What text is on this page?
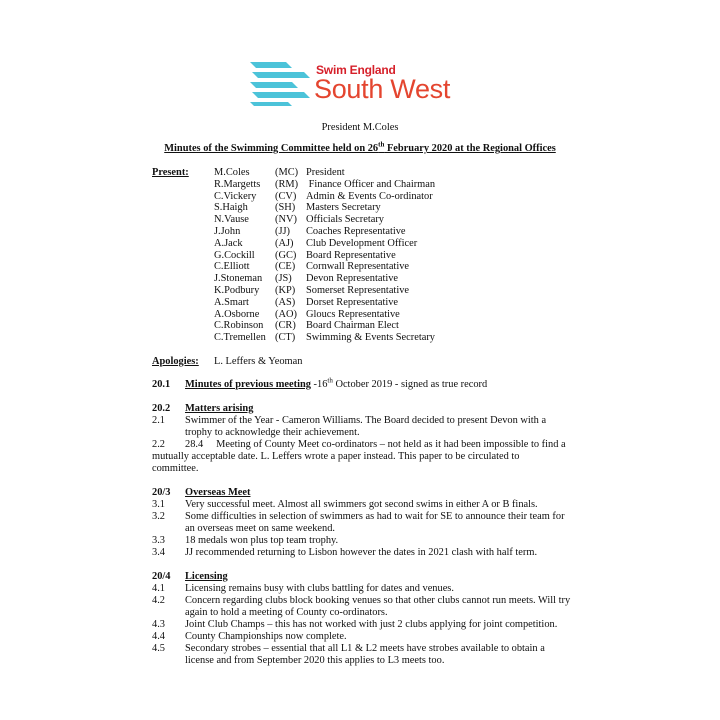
Swim England
South West
President M.Coles
Minutes of the Swimming Committee held on 26th February 2020 at the Regional Offices
Present: M.Coles (MC) President
R.Margetts (RM) Finance Officer and Chairman
C.Vickery (CV) Admin & Events Co-ordinator
S.Haigh	(SH) Masters Secretary
N.Vause	(NV) Officials Secretary
J.John	(JJ) Coaches Representative
A.Jack	(AJ) Club Development Officer
G.Cockill (GC) Board Representative
C.Elliott (CE) Cornwall Representative
J.Stoneman (JS) Devon Representative
K.Podbury (KP) Somerset Representative
A.Smart	(AS) Dorset Representative
A.Osborne (AO) Gloucs Representative
C.Robinson (CR) Board Chairman Elect
C.Tremellen (CT) Swimming & Events Secretary
Apologies: L. Leffers & Yeoman
20.1 Minutes of previous meeting -16th October 2019 - signed as true record
20.2 Matters arising
2.1 Swimmer of the Year - Cameron Williams. The Board decided to present Devon with a trophy to acknowledge their achievement.
2.2 28.4     Meeting of County Meet co-ordinators – not held as it had been impossible to find a
mutually acceptable date. L. Leffers wrote a paper instead. This paper to be circulated to committee.
20/3 Overseas Meet
3.1 Very successful meet. Almost all swimmers got second swims in either A or B finals.
3.2 Some difficulties in selection of swimmers as had to wait for SE to announce their team for an overseas meet on same weekend.
3.3 18 medals won plus top team trophy.
3.4 JJ recommended returning to Lisbon however the dates in 2021 clash with half term.
20/4 Licensing
4.1 Licensing remains busy with clubs battling for dates and venues.
4.2 Concern regarding clubs block booking venues so that other clubs cannot run meets. Will try again to hold a meeting of County co-ordinators.
4.3 Joint Club Champs – this has not worked with just 2 clubs applying for joint competition.
4.4 County Championships now complete.
4.5 Secondary strobes – essential that all L1 & L2 meets have strobes available to obtain a license and from September 2020 this applies to L3 meets too.
